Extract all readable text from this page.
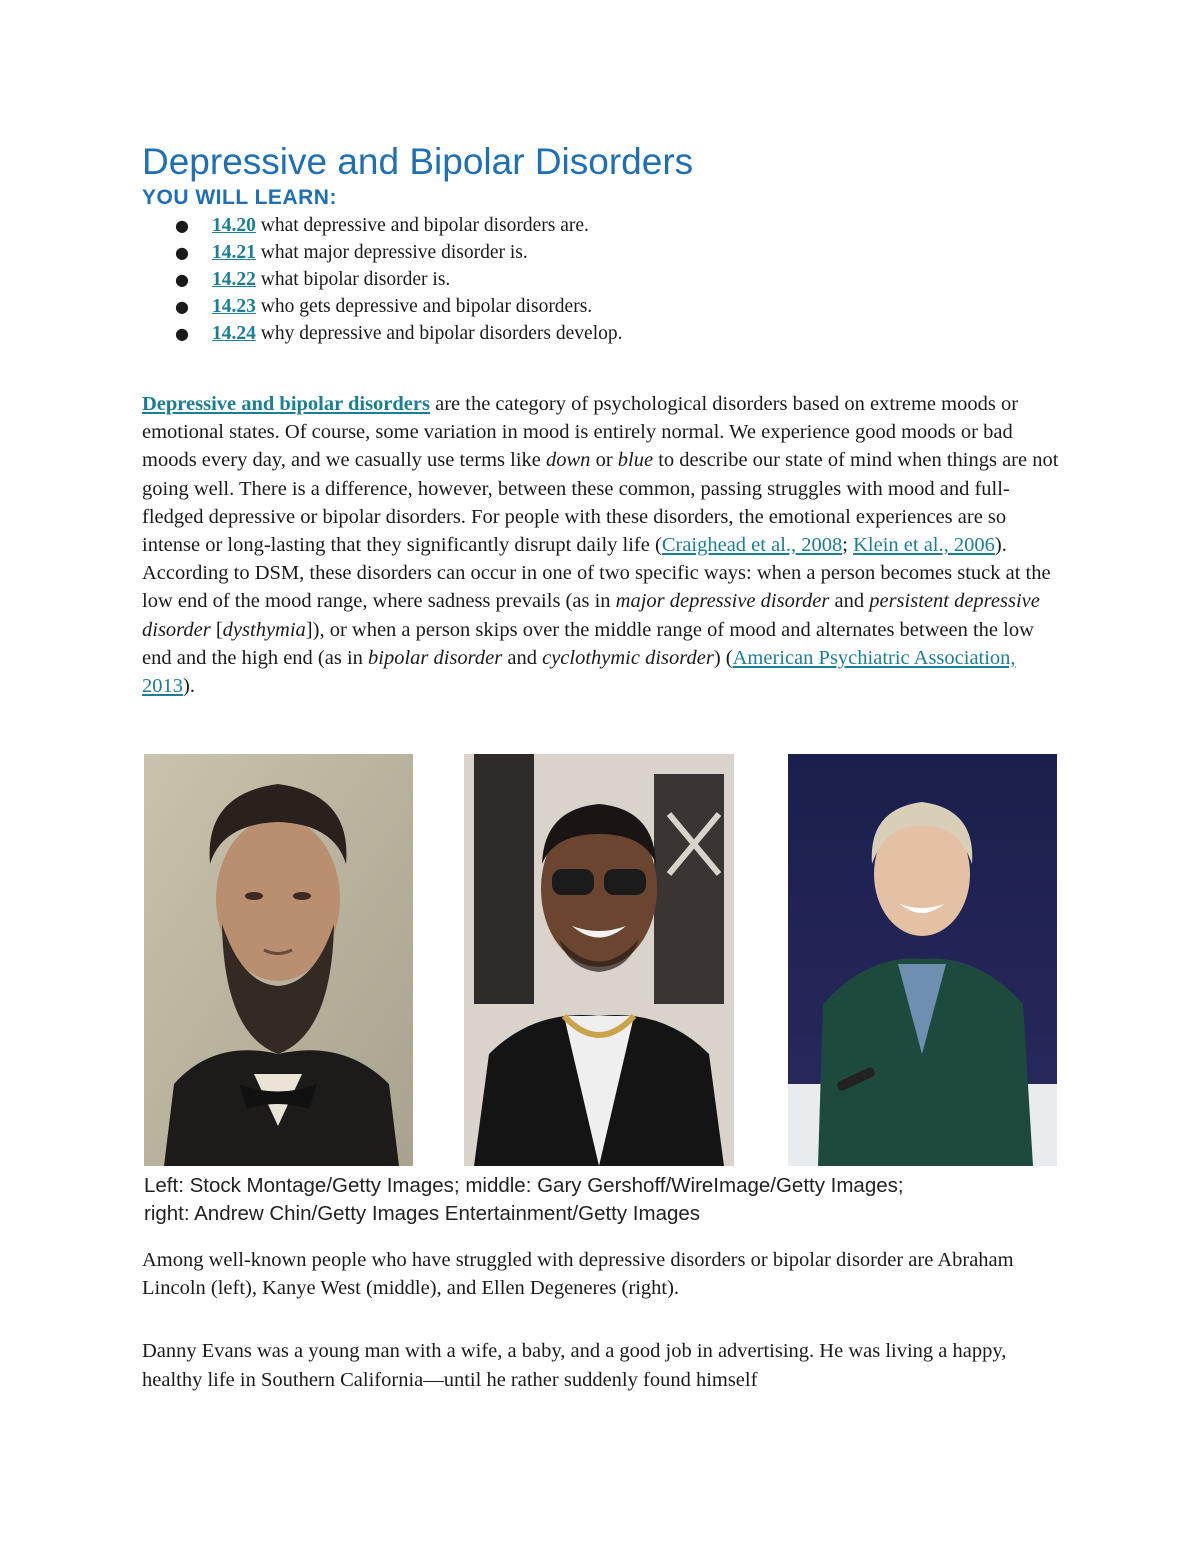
Depressive and Bipolar Disorders
YOU WILL LEARN:
● 14.20 what depressive and bipolar disorders are.
● 14.21 what major depressive disorder is.
● 14.22 what bipolar disorder is.
● 14.23 who gets depressive and bipolar disorders.
● 14.24 why depressive and bipolar disorders develop.

Depressive and bipolar disorders are the category of psychological disorders based on extreme moods or emotional states. Of course, some variation in mood is entirely normal. We experience good moods or bad moods every day, and we casually use terms like down or blue to describe our state of mind when things are not going well. There is a difference, however, between these common, passing struggles with mood and full-fledged depressive or bipolar disorders. For people with these disorders, the emotional experiences are so intense or long-lasting that they significantly disrupt daily life (Craighead et al., 2008; Klein et al., 2006). According to DSM, these disorders can occur in one of two specific ways: when a person becomes stuck at the low end of the mood range, where sadness prevails (as in major depressive disorder and persistent depressive disorder [dysthymia]), or when a person skips over the middle range of mood and alternates between the low end and the high end (as in bipolar disorder and cyclothymic disorder) (American Psychiatric Association, 2013).

Left: Stock Montage/Getty Images; middle: Gary Gershoff/WireImage/Getty Images;
right: Andrew Chin/Getty Images Entertainment/Getty Images

Among well-known people who have struggled with depressive disorders or bipolar disorder are Abraham Lincoln (left), Kanye West (middle), and Ellen Degeneres (right).

Danny Evans was a young man with a wife, a baby, and a good job in advertising. He was living a happy, healthy life in Southern California—until he rather suddenly found himself
